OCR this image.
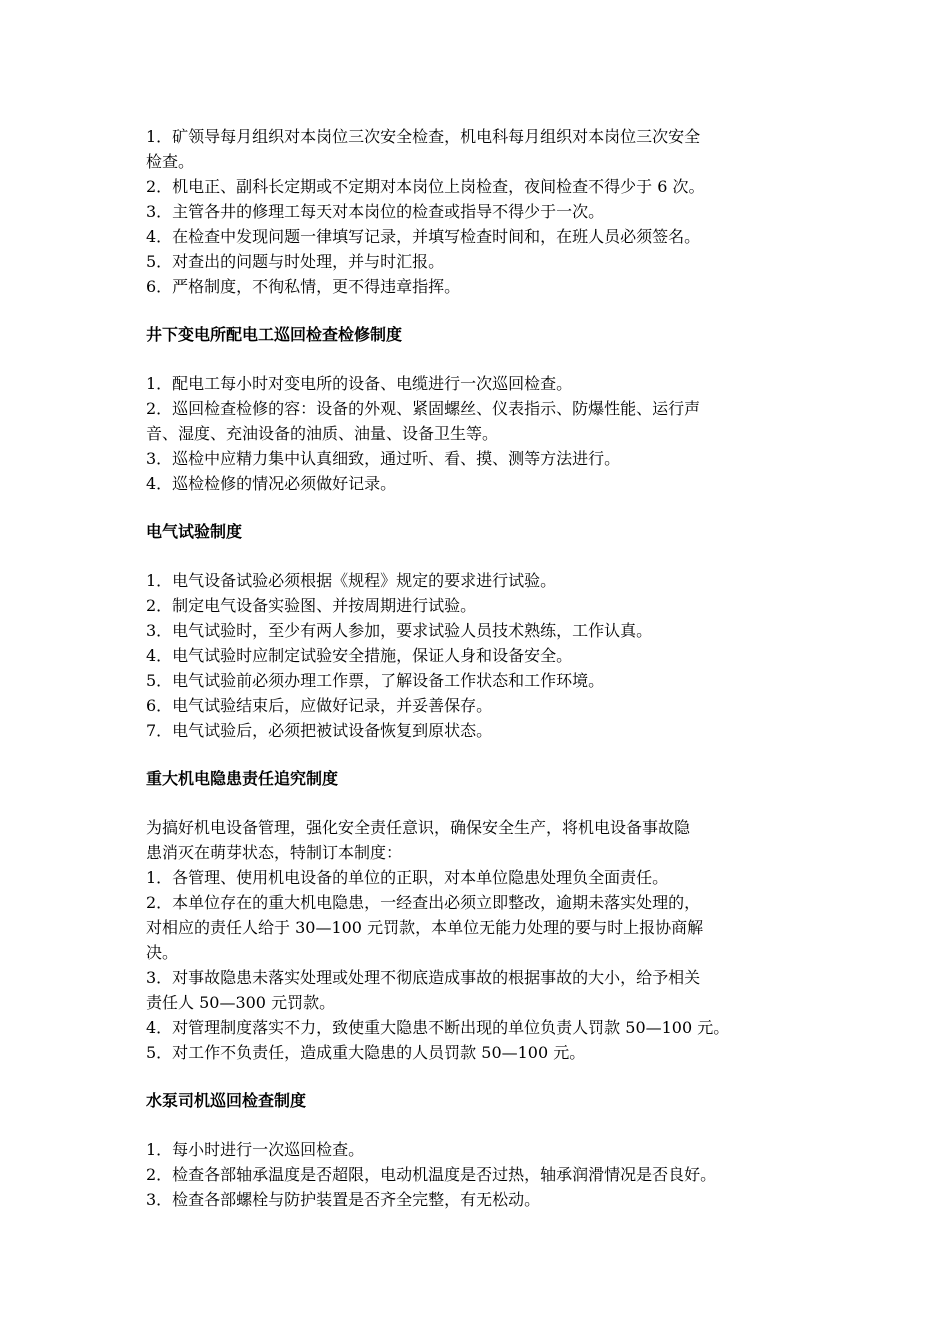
1．矿领导每月组织对本岗位三次安全检查，机电科每月组织对本岗位三次安全
检查。
2．机电正、副科长定期或不定期对本岗位上岗检查，夜间检查不得少于 6 次。
3．主管各井的修理工每天对本岗位的检查或指导不得少于一次。
4．在检查中发现问题一律填写记录，并填写检查时间和，在班人员必须签名。
5．对查出的问题与时处理，并与时汇报。
6．严格制度，不徇私情，更不得违章指挥。
井下变电所配电工巡回检查检修制度
1．配电工每小时对变电所的设备、电缆进行一次巡回检查。
2．巡回检查检修的容：设备的外观、紧固螺丝、仪表指示、防爆性能、运行声
音、湿度、充油设备的油质、油量、设备卫生等。
3．巡检中应精力集中认真细致，通过听、看、摸、测等方法进行。
4．巡检检修的情况必须做好记录。
电气试验制度
1．电气设备试验必须根据《规程》规定的要求进行试验。
2．制定电气设备实验图、并按周期进行试验。
3．电气试验时，至少有两人参加，要求试验人员技术熟练，工作认真。
4．电气试验时应制定试验安全措施，保证人身和设备安全。
5．电气试验前必须办理工作票，了解设备工作状态和工作环境。
6．电气试验结束后，应做好记录，并妥善保存。
7．电气试验后，必须把被试设备恢复到原状态。
重大机电隐患责任追究制度
为搞好机电设备管理，强化安全责任意识，确保安全生产，将机电设备事故隐
患消灭在萌芽状态，特制订本制度：
1．各管理、使用机电设备的单位的正职，对本单位隐患处理负全面责任。
2．本单位存在的重大机电隐患，一经查出必须立即整改，逾期未落实处理的，
对相应的责任人给于 30—100 元罚款，本单位无能力处理的要与时上报协商解
决。
3．对事故隐患未落实处理或处理不彻底造成事故的根据事故的大小，给予相关
责任人 50—300 元罚款。
4．对管理制度落实不力，致使重大隐患不断出现的单位负责人罚款 50—100 元。
5．对工作不负责任，造成重大隐患的人员罚款 50—100 元。
水泵司机巡回检查制度
1．每小时进行一次巡回检查。
2．检查各部轴承温度是否超限，电动机温度是否过热，轴承润滑情况是否良好。
3．检查各部螺栓与防护装置是否齐全完整，有无松动。
